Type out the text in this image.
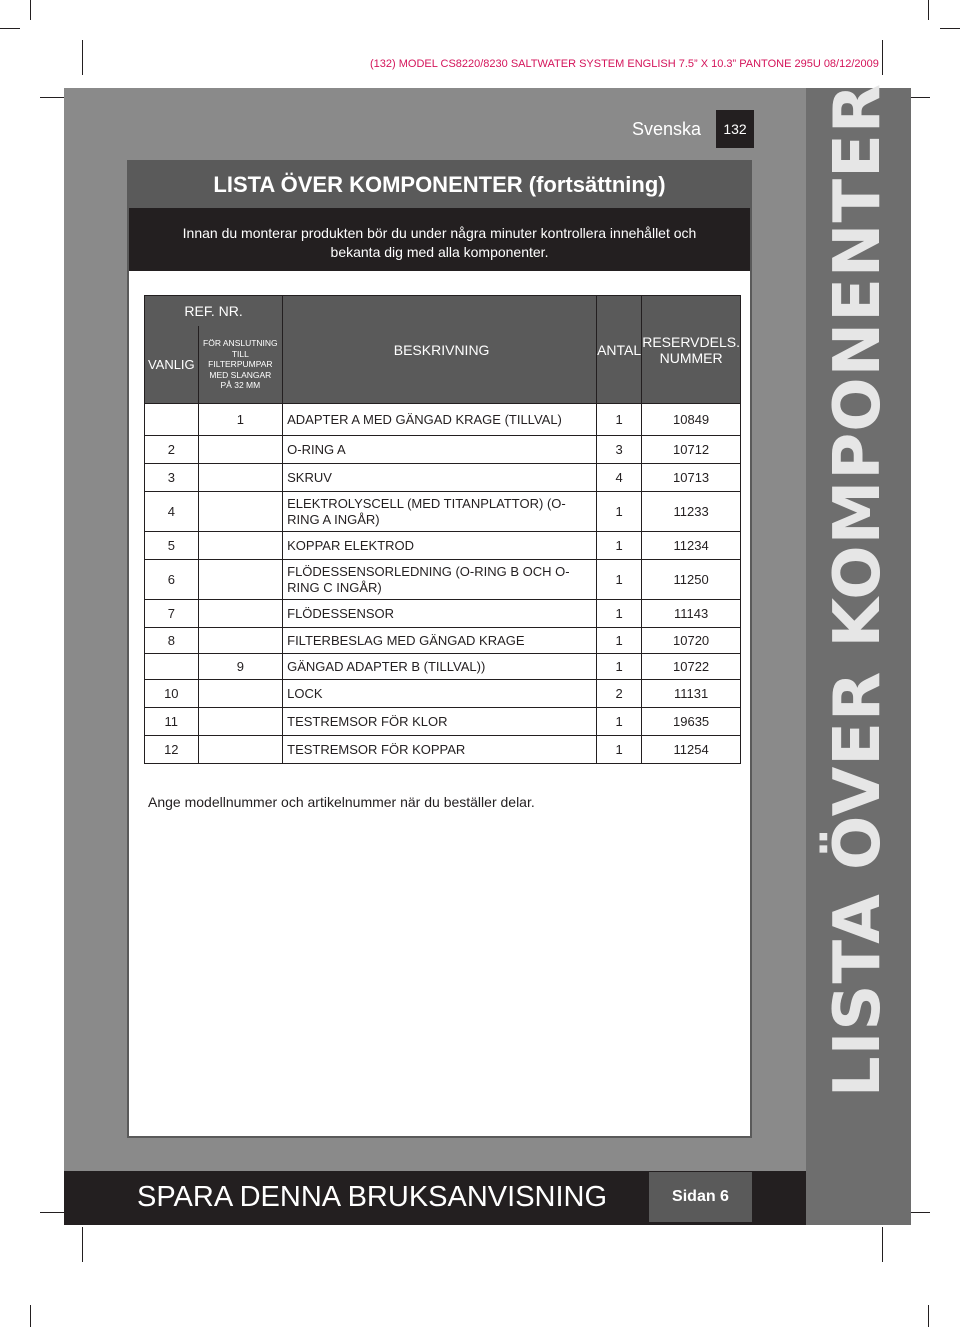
(132) MODEL CS8220/8230 SALTWATER SYSTEM ENGLISH 7.5” X 10.3” PANTONE 295U 08/12/2009
LISTA ÖVER KOMPONENTER
Svenska	132
LISTA ÖVER KOMPONENTER (fortsättning)
Innan du monterar produkten bör du under några minuter kontrollera innehållet och bekanta dig med alla komponenter.
REF. NR.		BESKRIVNING	ANTAL	RESERVDELS. NUMMER
VANLIG	FÖR ANSLUTNING TILL FILTERPUMPAR MED SLANGAR PÅ 32 MM			
	1	ADAPTER A MED GÄNGAD KRAGE (TILLVAL)	1	10849
2		O-RING A	3	10712
3		SKRUV	4	10713
4		ELEKTROLYSCELL (MED TITANPLATTOR) (O-RING A INGÅR)	1	11233
5		KOPPAR ELEKTROD	1	11234
6		FLÖDESSENSORLEDNING (O-RING B OCH O-RING C INGÅR)	1	11250
7		FLÖDESSENSOR	1	11143
8		FILTERBESLAG MED GÄNGAD KRAGE	1	10720
	9	GÄNGAD ADAPTER B (TILLVAL))	1	10722
10		LOCK	2	11131
11		TESTREMSOR FÖR KLOR	1	19635
12		TESTREMSOR FÖR KOPPAR	1	11254
Ange modellnummer och artikelnummer när du beställer delar.
SPARA DENNA BRUKSANVISNING	Sidan 6
